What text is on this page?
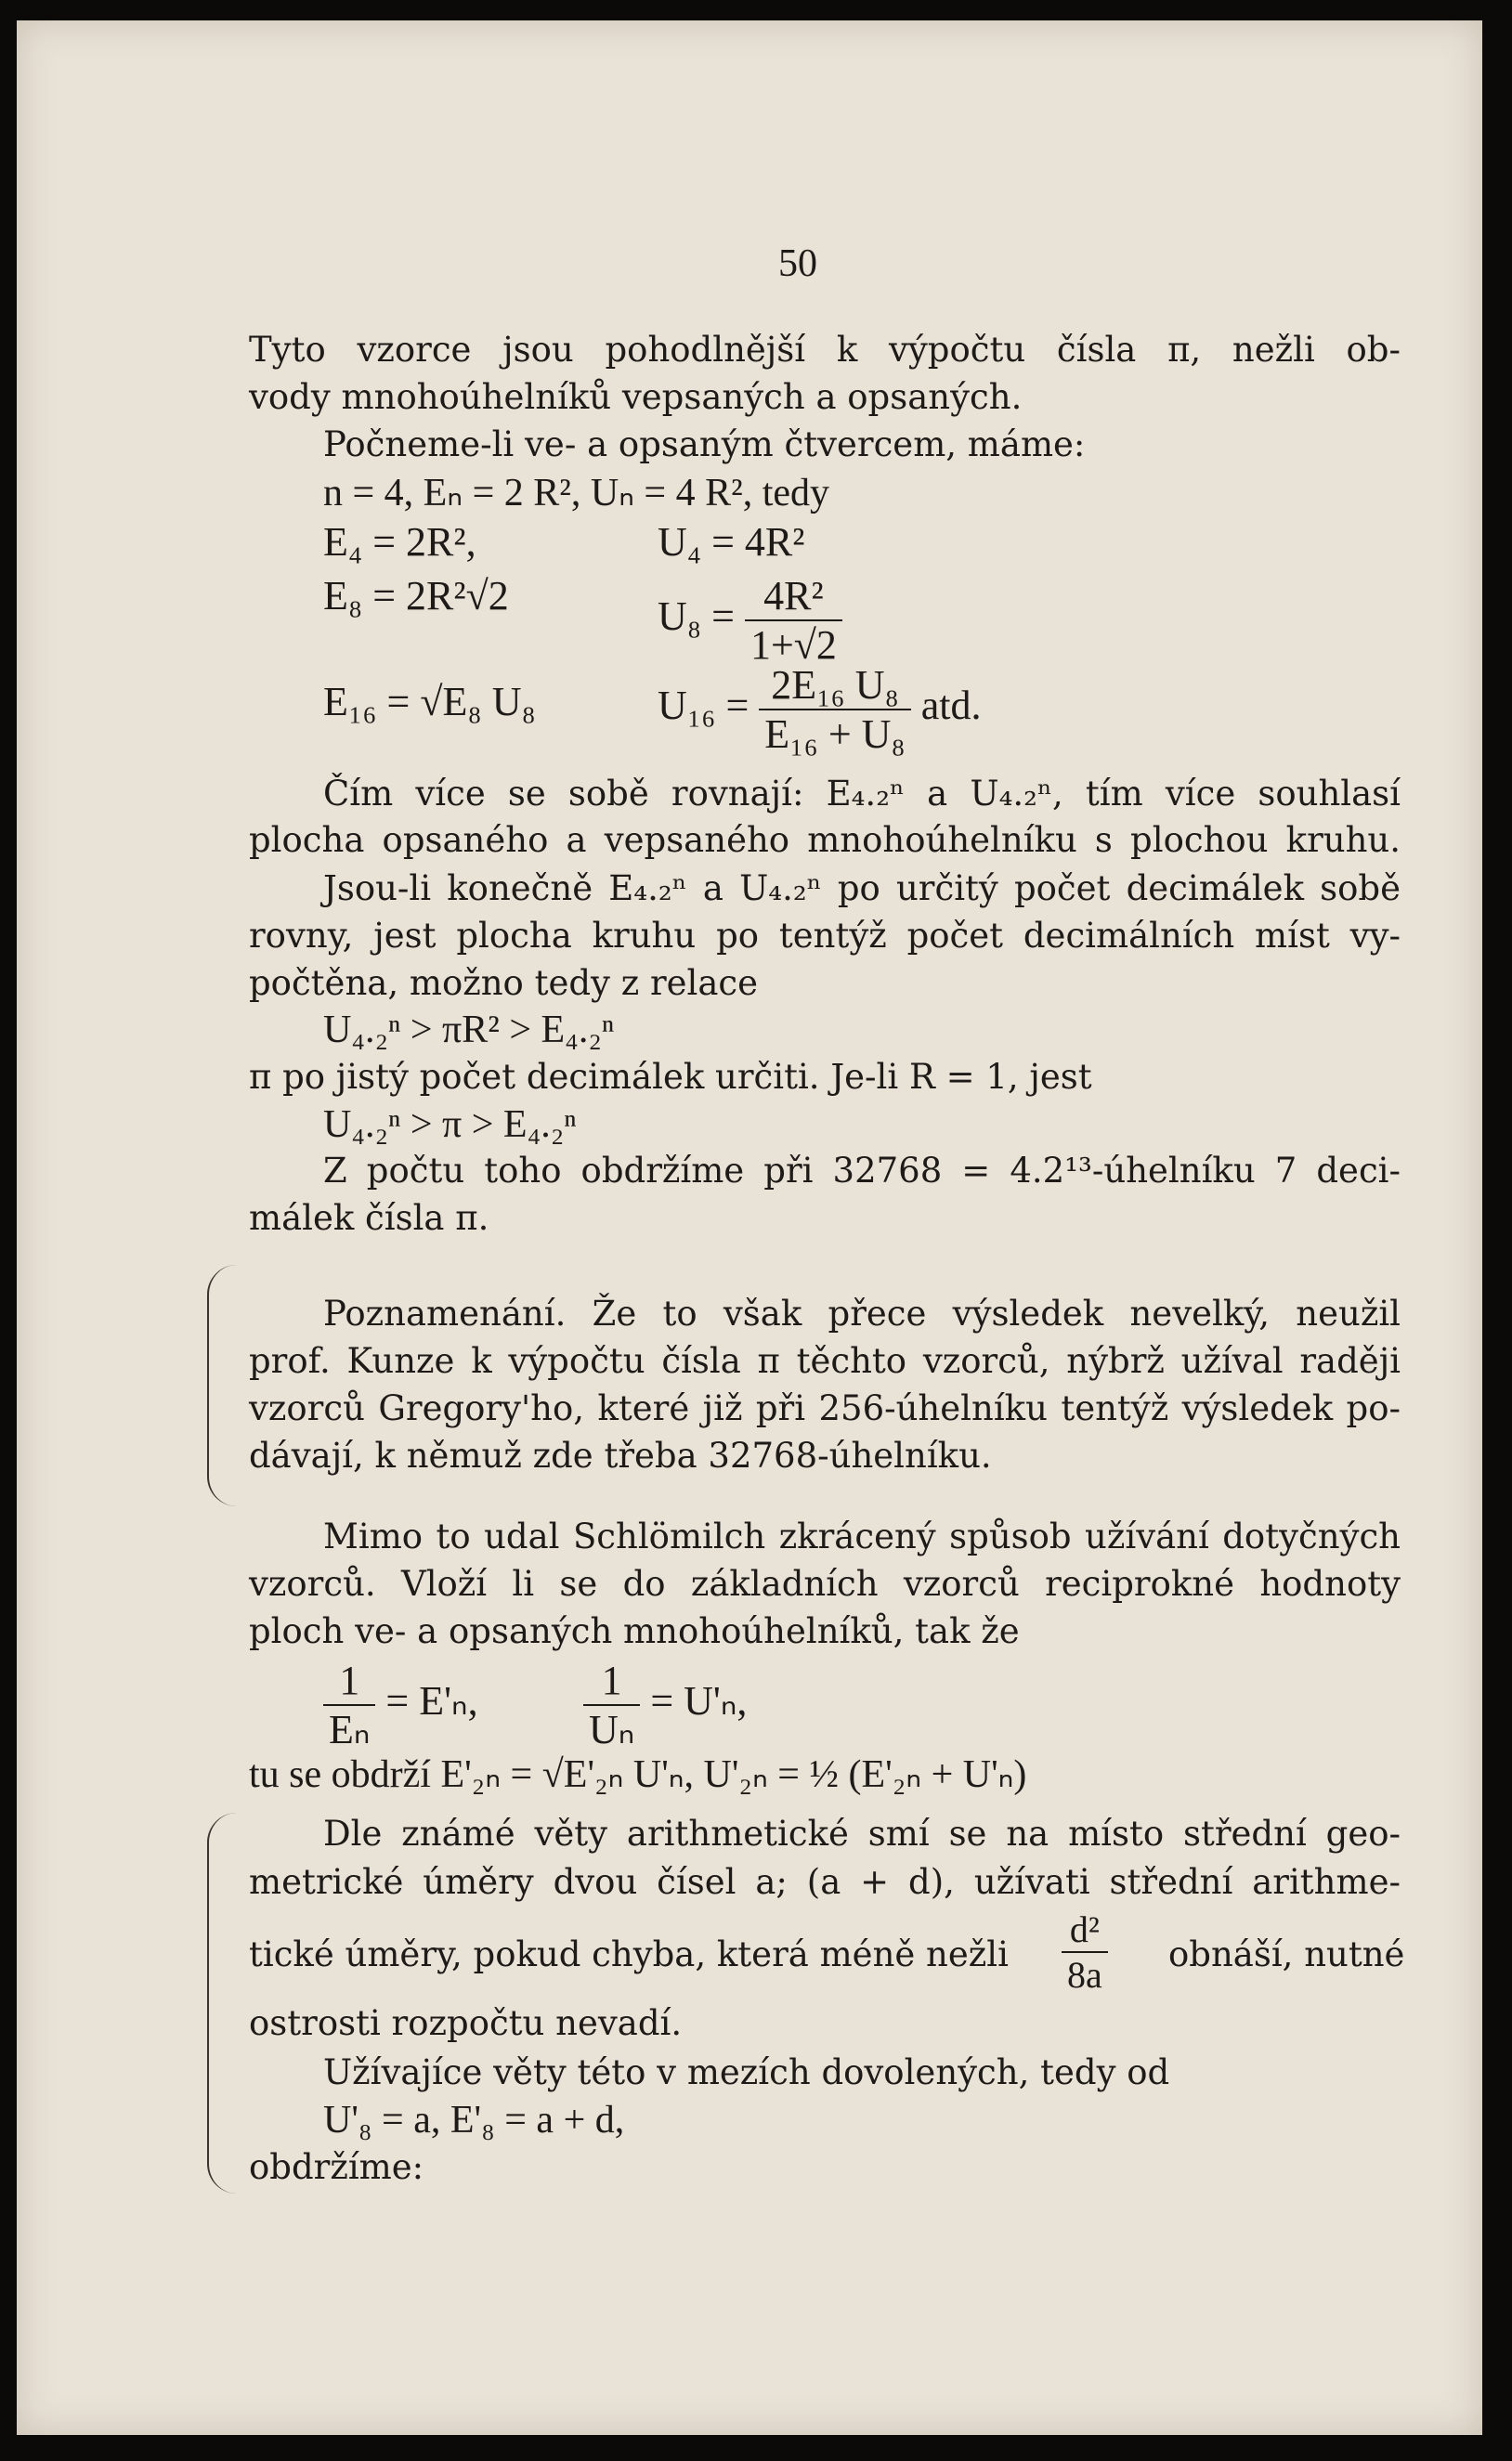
50
Tyto vzorce jsou pohodlnější k výpočtu čísla π, nežli ob-
vody mnohoúhelníků vepsaných a opsaných.
Počneme-li ve- a opsaným čtvercem, máme:
n = 4, Eₙ = 2 R², Uₙ = 4 R², tedy
E₄ = 2R²,	U₄ = 4R²
E₈ = 2R²√2	$U_8 = \frac{\text{4R²}}{1+√2}$
E₁₆ = √E₈ U₈	$U_{16} = \frac{\text{2E₁₆ U₈}}{\text{E₁₆ + U₈}}$ atd.
Čím více se sobě rovnají: E₄.₂ⁿ a U₄.₂ⁿ, tím více souhlasí
plocha opsaného a vepsaného mnohoúhelníku s plochou kruhu.
Jsou-li konečně E₄.₂ⁿ a U₄.₂ⁿ po určitý počet decimálek sobě
rovny, jest plocha kruhu po tentýž počet decimálních míst vy-
počtěna, možno tedy z relace
U₄.₂ⁿ > πR² > E₄.₂ⁿ
π po jistý počet decimálek určiti. Je-li R = 1, jest
U₄.₂ⁿ > π > E₄.₂ⁿ
Z počtu toho obdržíme při 32768 = 4.2¹³-úhelníku 7 deci-
málek čísla π.
Poznamenání. Že to však přece výsledek nevelký, neužil
prof. Kunze k výpočtu čísla π těchto vzorců, nýbrž užíval raději
vzorců Gregory'ho, které již při 256-úhelníku tentýž výsledek po-
dávají, k němuž zde třeba 32768-úhelníku.
Mimo to udal Schlömilch zkrácený spůsob užívání dotyčných
vzorců. Vloží li se do základních vzorců reciprokné hodnoty
ploch ve- a opsaných mnohoúhelníků, tak že
$\frac{1}{\text{Eₙ}} = E'_n$,	$\frac{1}{\text{Uₙ}} = U'_n$,
tu se obdrží E'₂ₙ = √E'₂ₙ U'ₙ, U'₂ₙ = ½ (E'₂ₙ + U'ₙ)
Dle známé věty arithmetické smí se na místo střední geo-
metrické úměry dvou čísel a; (a + d), užívati střední arithme-
tické úměry, pokud chyba, která méně nežli	$\frac{\text{d²}}{8a}$ obnáší, nutné
ostrosti rozpočtu nevadí.
Užívajíce věty této v mezích dovolených, tedy od
U'₈ = a, E'₈ = a + d,
obdržíme:
